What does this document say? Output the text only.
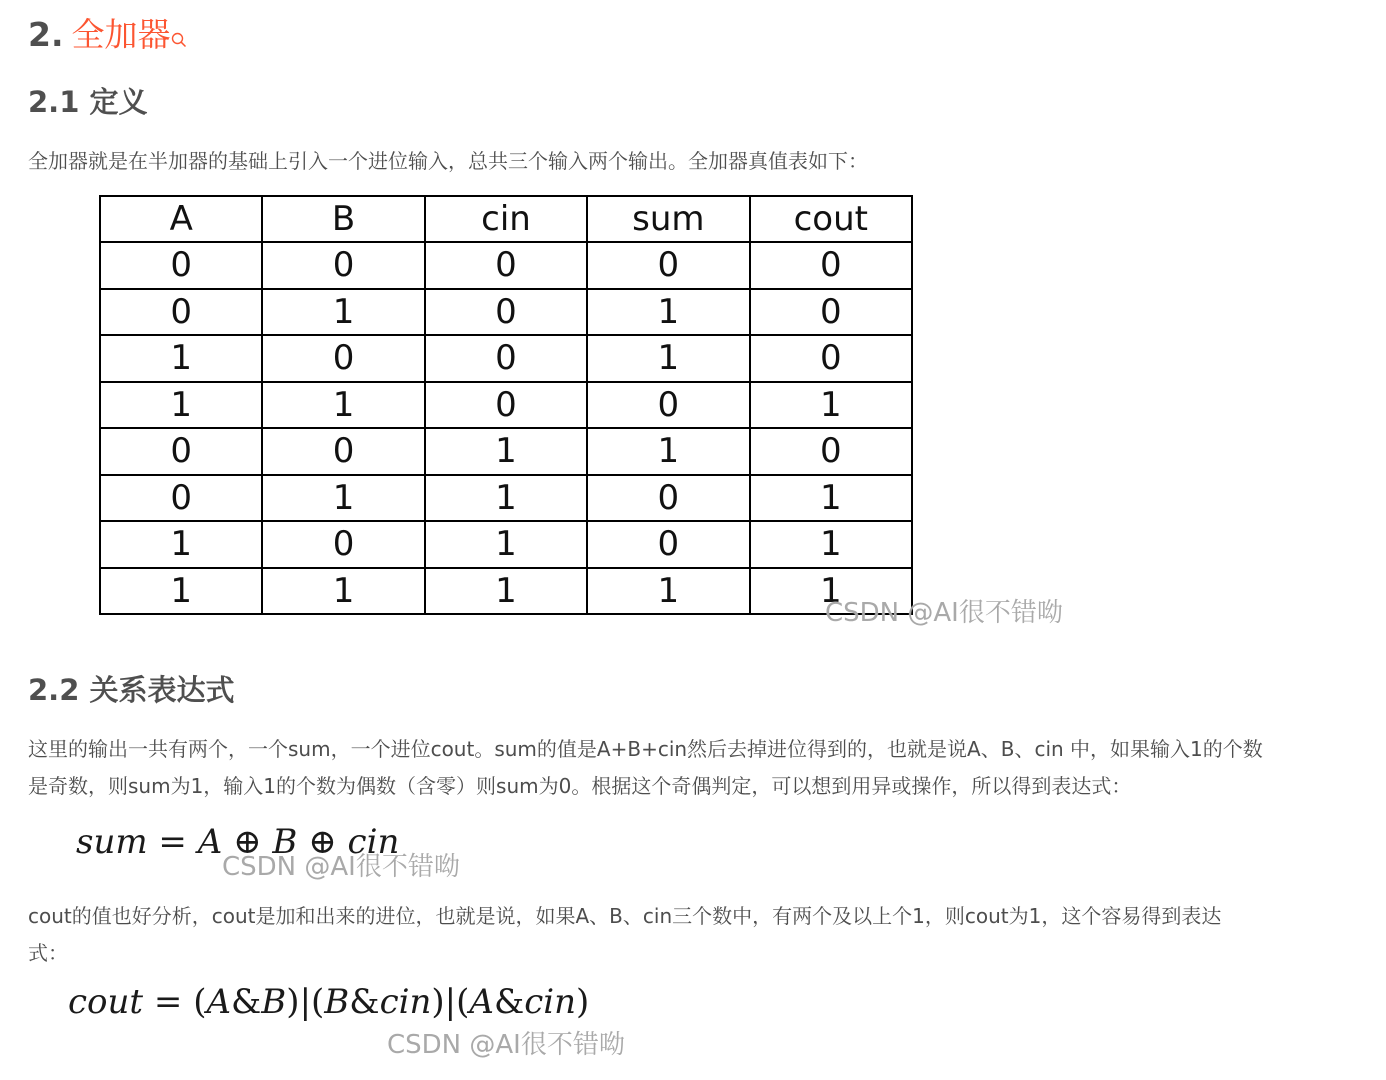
2. 全加器
2.1 定义
全加器就是在半加器的基础上引入一个进位输入，总共三个输入两个输出。全加器真值表如下：
A	B	cin	sum	cout
0	0	0	0	0
0	1	0	1	0
1	0	0	1	0
1	1	0	0	1
0	0	1	1	0
0	1	1	0	1
1	0	1	0	1
1	1	1	1	1
CSDN @AI很不错呦
2.2 关系表达式
这里的输出一共有两个，一个sum，一个进位cout。sum的值是A+B+cin然后去掉进位得到的，也就是说A、B、cin 中，如果输入1的个数
是奇数，则sum为1，输入1的个数为偶数（含零）则sum为0。根据这个奇偶判定，可以想到用异或操作，所以得到表达式：
sum = A ⊕ B ⊕ cin
CSDN @AI很不错呦
cout的值也好分析，cout是加和出来的进位，也就是说，如果A、B、cin三个数中，有两个及以上个1，则cout为1，这个容易得到表达
式：
cout = (A&B)|(B&cin)|(A&cin)
CSDN @AI很不错呦
